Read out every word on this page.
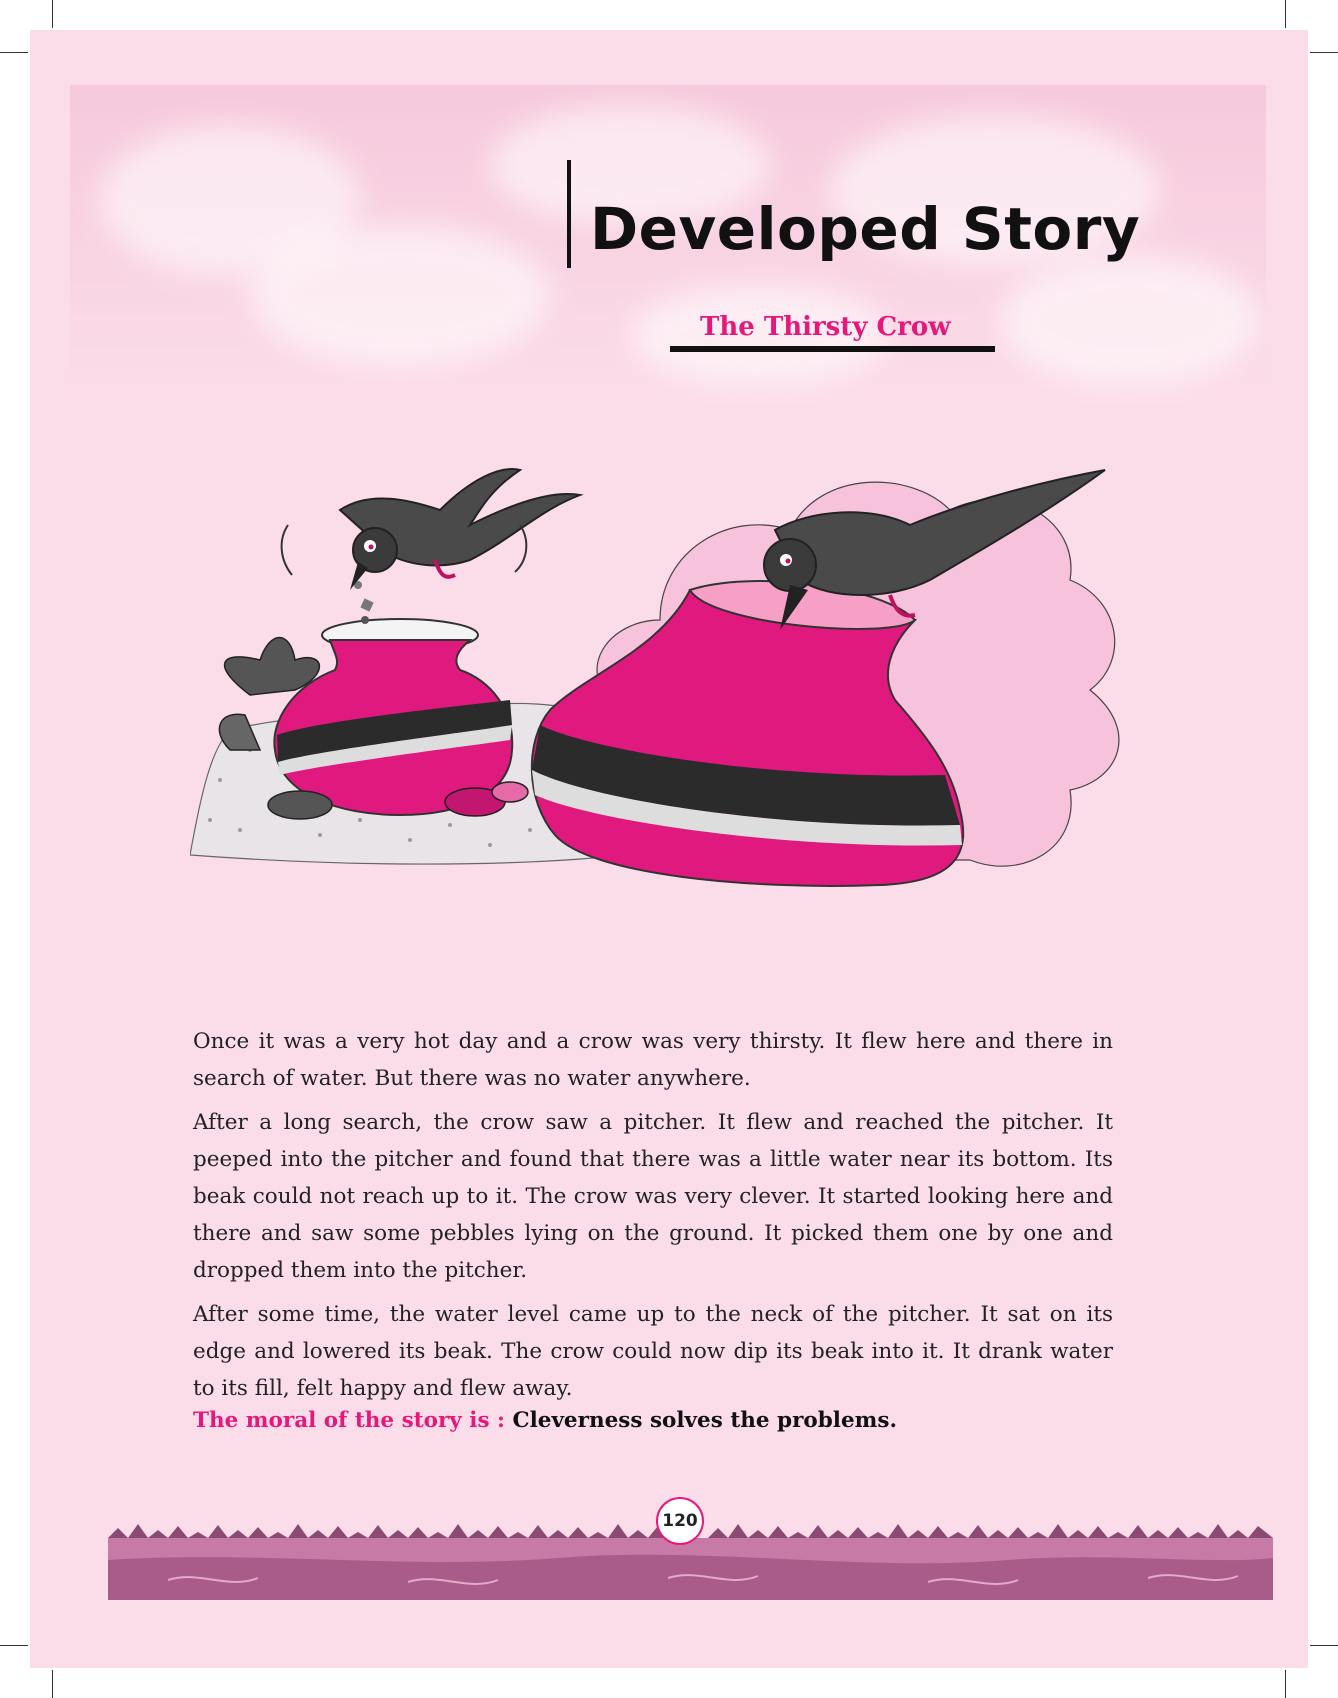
Developed Story
The Thirsty Crow

Once it was a very hot day and a crow was very thirsty. It flew here and there in search of water. But there was no water anywhere.

After a long search, the crow saw a pitcher. It flew and reached the pitcher. It peeped into the pitcher and found that there was a little water near its bottom. Its beak could not reach up to it. The crow was very clever. It started looking here and there and saw some pebbles lying on the ground. It picked them one by one and dropped them into the pitcher.

After some time, the water level came up to the neck of the pitcher. It sat on its edge and lowered its beak. The crow could now dip its beak into it. It drank water to its fill, felt happy and flew away.

The moral of the story is : Cleverness solves the problems.
120
